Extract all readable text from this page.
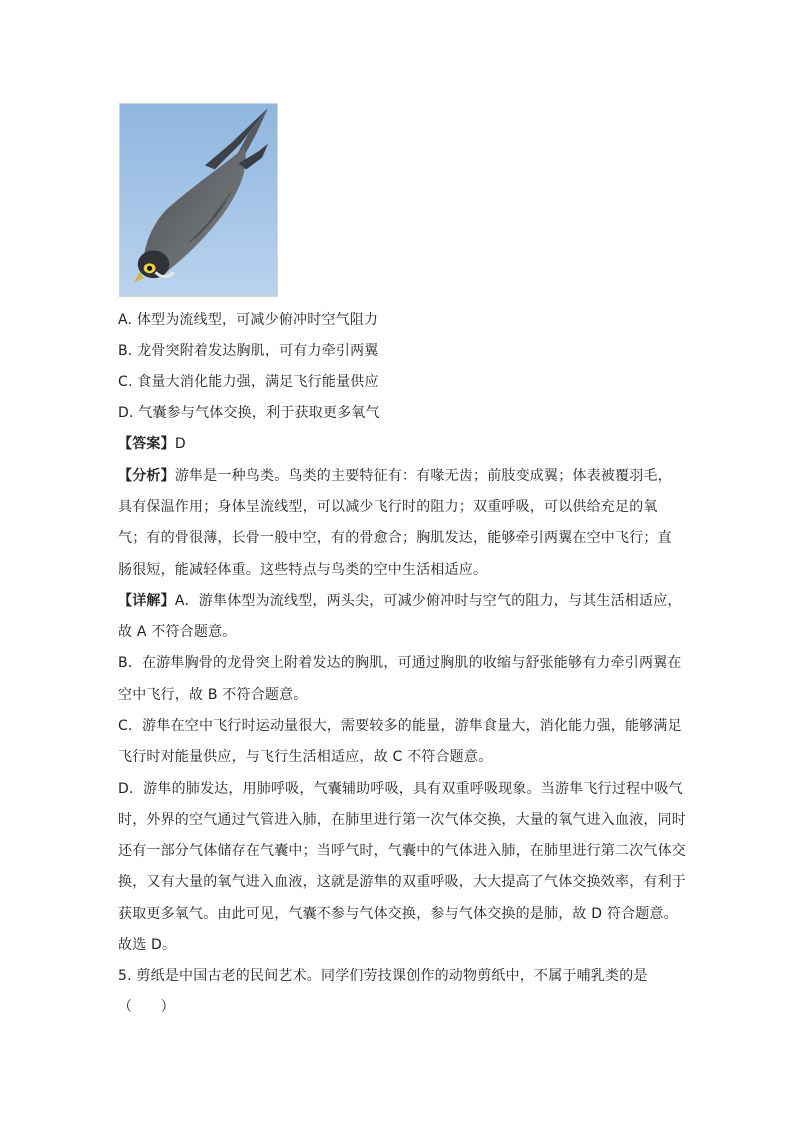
A. 体型为流线型，可减少俯冲时空气阻力
B. 龙骨突附着发达胸肌，可有力牵引两翼
C. 食量大消化能力强，满足飞行能量供应
D. 气囊参与气体交换，利于获取更多氧气
【答案】D
【分析】游隼是一种鸟类。鸟类的主要特征有：有喙无齿；前肢变成翼；体表被覆羽毛，
具有保温作用；身体呈流线型，可以减少飞行时的阻力；双重呼吸，可以供给充足的氧
气；有的骨很薄，长骨一般中空，有的骨愈合；胸肌发达，能够牵引两翼在空中飞行；直
肠很短，能减轻体重。这些特点与鸟类的空中生活相适应。
【详解】A．游隼体型为流线型，两头尖，可减少俯冲时与空气的阻力，与其生活相适应，
故 A 不符合题意。
B．在游隼胸骨的龙骨突上附着发达的胸肌，可通过胸肌的收缩与舒张能够有力牵引两翼在
空中飞行，故 B 不符合题意。
C．游隼在空中飞行时运动量很大，需要较多的能量，游隼食量大，消化能力强，能够满足
飞行时对能量供应，与飞行生活相适应，故 C 不符合题意。
D．游隼的肺发达，用肺呼吸，气囊辅助呼吸，具有双重呼吸现象。当游隼飞行过程中吸气
时，外界的空气通过气管进入肺，在肺里进行第一次气体交换，大量的氧气进入血液，同时
还有一部分气体储存在气囊中；当呼气时，气囊中的气体进入肺，在肺里进行第二次气体交
换，又有大量的氧气进入血液，这就是游隼的双重呼吸，大大提高了气体交换效率，有利于
获取更多氧气。由此可见，气囊不参与气体交换，参与气体交换的是肺，故 D 符合题意。
故选 D。
5. 剪纸是中国古老的民间艺术。同学们劳技课创作的动物剪纸中，不属于哺乳类的是
（　　）
